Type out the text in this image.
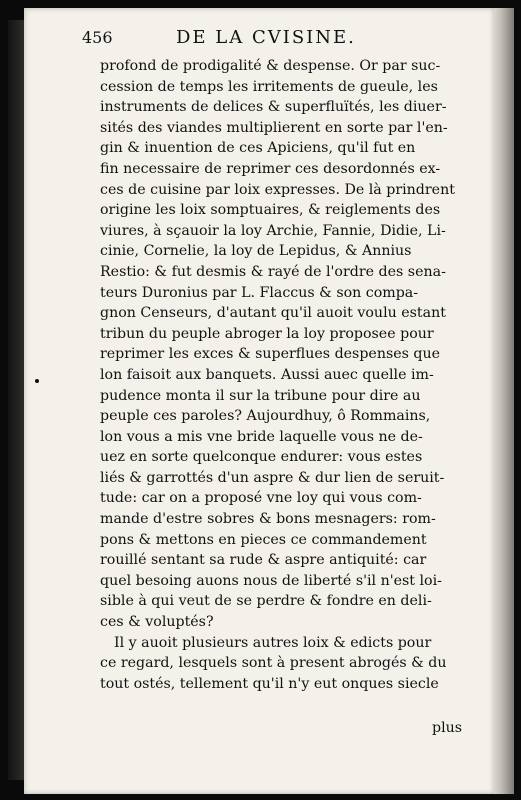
456	DE LA CVISINE.
profond de prodigalité & despense. Or par suc-
cession de temps les irritements de gueule, les
instruments de delices & superfluïtés, les diuer-
sités des viandes multiplierent en sorte par l'en-
gin & inuention de ces Apiciens, qu'il fut en
fin necessaire de reprimer ces desordonnés ex-
ces de cuisine par loix expresses. De là prindrent
origine les loix somptuaires, & reiglements des
viures, à sçauoir la loy Archie, Fannie, Didie, Li-
cinie, Cornelie, la loy de Lepidus, & Annius
Restio: & fut desmis & rayé de l'ordre des sena-
teurs Duronius par L. Flaccus & son compa-
gnon Censeurs, d'autant qu'il auoit voulu estant
tribun du peuple abroger la loy proposee pour
reprimer les exces & superflues despenses que
lon faisoit aux banquets. Aussi auec quelle im-
pudence monta il sur la tribune pour dire au
peuple ces paroles? Aujourdhuy, ô Rommains,
lon vous a mis vne bride laquelle vous ne de-
uez en sorte quelconque endurer: vous estes
liés & garrottés d'un aspre & dur lien de seruit-
tude: car on a proposé vne loy qui vous com-
mande d'estre sobres & bons mesnagers: rom-
pons & mettons en pieces ce commandement
rouillé sentant sa rude & aspre antiquité: car
quel besoing auons nous de liberté s'il n'est loi-
sible à qui veut de se perdre & fondre en deli-
ces & voluptés?
Il y auoit plusieurs autres loix & edicts pour
ce regard, lesquels sont à present abrogés & du
tout ostés, tellement qu'il n'y eut onques siecle
plus
